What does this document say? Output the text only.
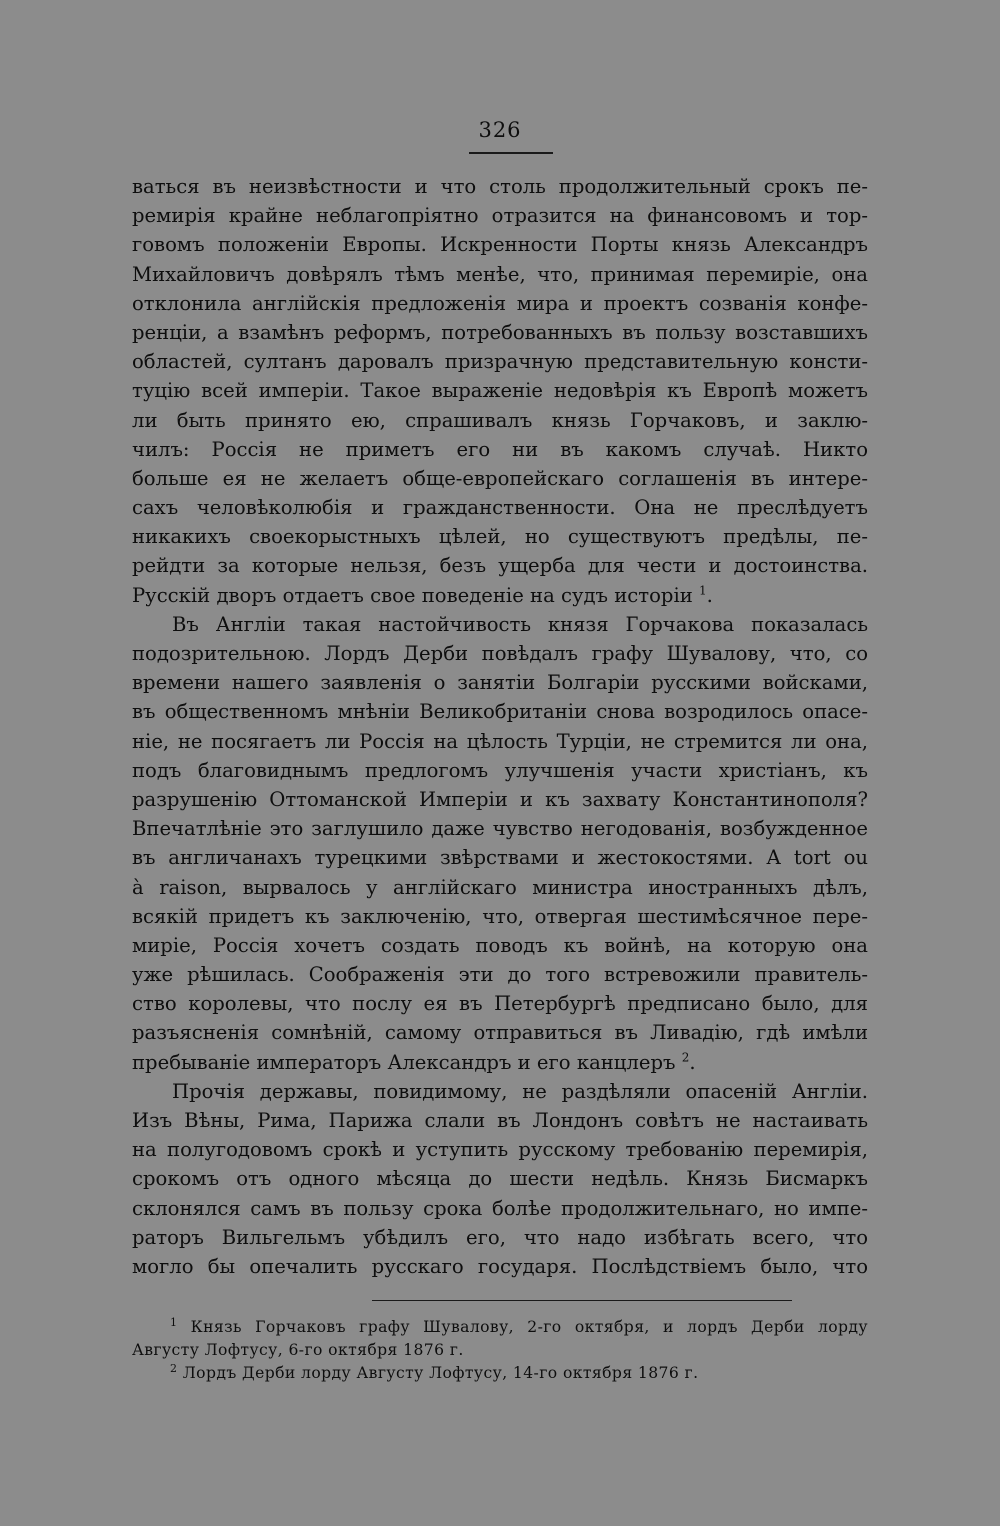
326
ваться въ неизвѣстности и что столь продолжительный срокъ пе-
ремирія крайне неблагопріятно отразится на финансовомъ и тор-
говомъ положеніи Европы. Искренности Порты князь Александръ
Михайловичъ довѣрялъ тѣмъ менѣе, что, принимая перемиріе, она
отклонила англійскія предложенія мира и проектъ созванія конфе-
ренціи, а взамѣнъ реформъ, потребованныхъ въ пользу возставшихъ
областей, султанъ даровалъ призрачную представительную консти-
туцію всей имперіи. Такое выраженіе недовѣрія къ Европѣ можетъ
ли быть принято ею, спрашивалъ князь Горчаковъ, и заклю-
чилъ: Россія не приметъ его ни въ какомъ случаѣ. Никто
больше ея не желаетъ обще-европейскаго соглашенія въ интере-
сахъ человѣколюбія и гражданственности. Она не преслѣдуетъ
никакихъ своекорыстныхъ цѣлей, но существуютъ предѣлы, пе-
рейдти за которые нельзя, безъ ущерба для чести и достоинства.
Русскій дворъ отдаетъ свое поведеніе на судъ исторіи $^1$.
Въ Англіи такая настойчивость князя Горчакова показалась
подозрительною. Лордъ Дерби повѣдалъ графу Шувалову, что, со
времени нашего заявленія о занятіи Болгаріи русскими войсками,
въ общественномъ мнѣніи Великобританіи снова возродилось опасе-
ніе, не посягаетъ ли Россія на цѣлость Турціи, не стремится ли она,
подъ благовиднымъ предлогомъ улучшенія участи христіанъ, къ
разрушенію Оттоманской Имперіи и къ захвату Константинополя?
Впечатлѣніе это заглушило даже чувство негодованія, возбужденное
въ англичанахъ турецкими звѣрствами и жестокостями. А tort ou
à raison, вырвалось у англійскаго министра иностранныхъ дѣлъ,
всякій придетъ къ заключенію, что, отвергая шестимѣсячное пере-
миріе, Россія хочетъ создать поводъ къ войнѣ, на которую она
уже рѣшилась. Соображенія эти до того встревожили правитель-
ство королевы, что послу ея въ Петербургѣ предписано было, для
разъясненія сомнѣній, самому отправиться въ Ливадію, гдѣ имѣли
пребываніе императоръ Александръ и его канцлеръ $^2$.
Прочія державы, повидимому, не раздѣляли опасеній Англіи.
Изъ Вѣны, Рима, Парижа слали въ Лондонъ совѣтъ не настаивать
на полугодовомъ срокѣ и уступить русскому требованію перемирія,
срокомъ отъ одного мѣсяца до шести недѣль. Князь Бисмаркъ
склонялся самъ въ пользу срока болѣе продолжительнаго, но импе-
раторъ Вильгельмъ убѣдилъ его, что надо избѣгать всего, что
могло бы опечалить русскаго государя. Послѣдствіемъ было, что
$^1$ Князь Горчаковъ графу Шувалову, 2-го октября, и лордъ Дерби лорду
Августу Лофтусу, 6-го октября 1876 г.
$^2$ Лордъ Дерби лорду Августу Лофтусу, 14-го октября 1876 г.
